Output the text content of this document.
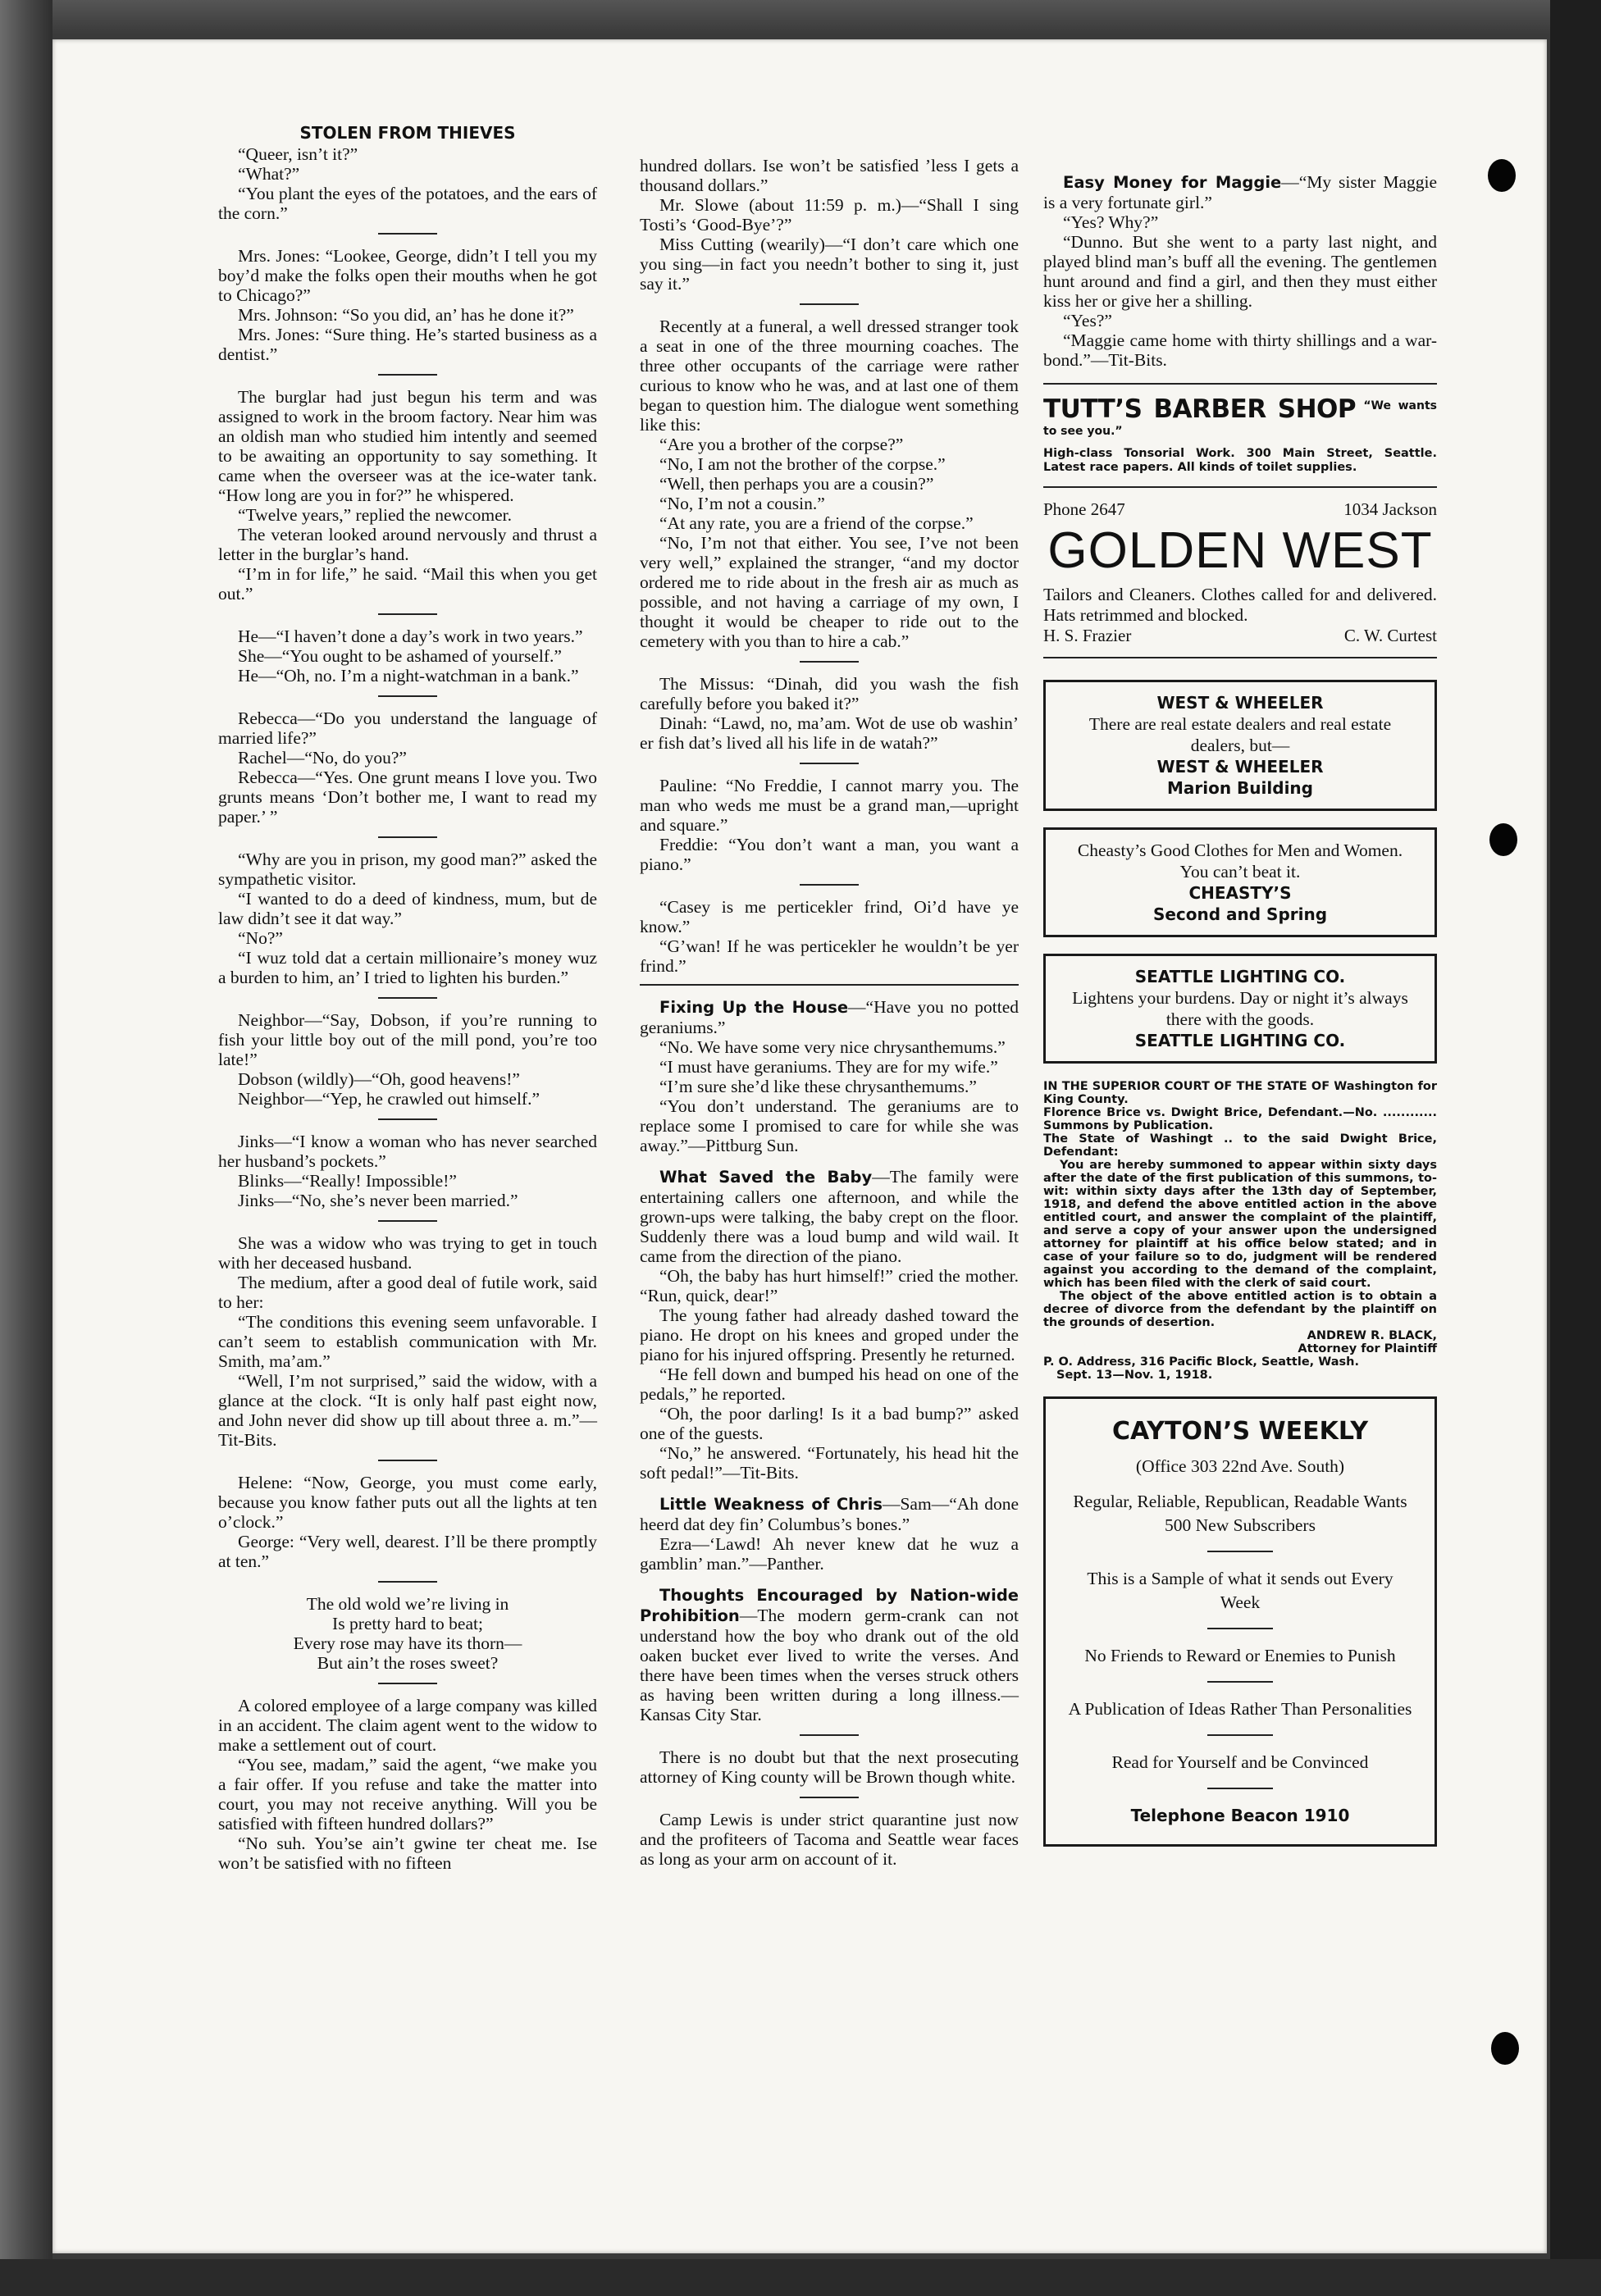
STOLEN FROM THIEVES

“Queer, isn’t it?”

“What?”

“You plant the eyes of the potatoes, and the ears of the corn.”

Mrs. Jones: “Lookee, George, didn’t I tell you my boy’d make the folks open their mouths when he got to Chicago?”

Mrs. Johnson: “So you did, an’ has he done it?”

Mrs. Jones: “Sure thing. He’s started business as a dentist.”

The burglar had just begun his term and was assigned to work in the broom factory. Near him was an oldish man who studied him intently and seemed to be awaiting an opportunity to say something. It came when the overseer was at the ice-water tank. “How long are you in for?” he whispered.

“Twelve years,” replied the newcomer.

The veteran looked around nervously and thrust a letter in the burglar’s hand.

“I’m in for life,” he said. “Mail this when you get out.”

He—“I haven’t done a day’s work in two years.”

She—“You ought to be ashamed of yourself.”

He—“Oh, no. I’m a night-watchman in a bank.”

Rebecca—“Do you understand the language of married life?”

Rachel—“No, do you?”

Rebecca—“Yes. One grunt means I love you. Two grunts means ‘Don’t bother me, I want to read my paper.’ ”

“Why are you in prison, my good man?” asked the sympathetic visitor.

“I wanted to do a deed of kindness, mum, but de law didn’t see it dat way.”

“No?”

“I wuz told dat a certain millionaire’s money wuz a burden to him, an’ I tried to lighten his burden.”

Neighbor—“Say, Dobson, if you’re running to fish your little boy out of the mill pond, you’re too late!”

Dobson (wildly)—“Oh, good heavens!”

Neighbor—“Yep, he crawled out himself.”

Jinks—“I know a woman who has never searched her husband’s pockets.”

Blinks—“Really! Impossible!”

Jinks—“No, she’s never been married.”

She was a widow who was trying to get in touch with her deceased husband.

The medium, after a good deal of futile work, said to her:

“The conditions this evening seem unfavorable. I can’t seem to establish communication with Mr. Smith, ma’am.”

“Well, I’m not surprised,” said the widow, with a glance at the clock. “It is only half past eight now, and John never did show up till about three a. m.”—Tit-Bits.

Helene: “Now, George, you must come early, because you know father puts out all the lights at ten o’clock.”

George: “Very well, dearest. I’ll be there promptly at ten.”

The old wold we’re living in
Is pretty hard to beat;
Every rose may have its thorn—
But ain’t the roses sweet?

A colored employee of a large company was killed in an accident. The claim agent went to the widow to make a settlement out of court.

“You see, madam,” said the agent, “we make you a fair offer. If you refuse and take the matter into court, you may not receive anything. Will you be satisfied with fifteen hundred dollars?”

“No suh. You’se ain’t gwine ter cheat me. Ise won’t be satisfied with no fifteen

hundred dollars. Ise won’t be satisfied ’less I gets a thousand dollars.”

Mr. Slowe (about 11:59 p. m.)—“Shall I sing Tosti’s ‘Good-Bye’?”

Miss Cutting (wearily)—“I don’t care which one you sing—in fact you needn’t bother to sing it, just say it.”

Recently at a funeral, a well dressed stranger took a seat in one of the three mourning coaches. The three other occupants of the carriage were rather curious to know who he was, and at last one of them began to question him. The dialogue went something like this:

“Are you a brother of the corpse?”

“No, I am not the brother of the corpse.”

“Well, then perhaps you are a cousin?”

“No, I’m not a cousin.”

“At any rate, you are a friend of the corpse.”

“No, I’m not that either. You see, I’ve not been very well,” explained the stranger, “and my doctor ordered me to ride about in the fresh air as much as possible, and not having a carriage of my own, I thought it would be cheaper to ride out to the cemetery with you than to hire a cab.”

The Missus: “Dinah, did you wash the fish carefully before you baked it?”

Dinah: “Lawd, no, ma’am. Wot de use ob washin’ er fish dat’s lived all his life in de watah?”

Pauline: “No Freddie, I cannot marry you. The man who weds me must be a grand man,—upright and square.”

Freddie: “You don’t want a man, you want a piano.”

“Casey is me perticekler frind, Oi’d have ye know.”

“G’wan! If he was perticekler he wouldn’t be yer frind.”

Fixing Up the House—“Have you no potted geraniums.”

“No. We have some very nice chrysanthemums.”

“I must have geraniums. They are for my wife.”

“I’m sure she’d like these chrysanthemums.”

“You don’t understand. The geraniums are to replace some I promised to care for while she was away.”—Pittburg Sun.

What Saved the Baby—The family were entertaining callers one afternoon, and while the grown-ups were talking, the baby crept on the floor. Suddenly there was a loud bump and wild wail. It came from the direction of the piano.

“Oh, the baby has hurt himself!” cried the mother. “Run, quick, dear!”

The young father had already dashed toward the piano. He dropt on his knees and groped under the piano for his injured offspring. Presently he returned.

“He fell down and bumped his head on one of the pedals,” he reported.

“Oh, the poor darling! Is it a bad bump?” asked one of the guests.

“No,” he answered. “Fortunately, his head hit the soft pedal!”—Tit-Bits.

Little Weakness of Chris—Sam—“Ah done heerd dat dey fin’ Columbus’s bones.”

Ezra—‘Lawd! Ah never knew dat he wuz a gamblin’ man.”—Panther.

Thoughts Encouraged by Nation-wide Prohibition—The modern germ-crank can not understand how the boy who drank out of the old oaken bucket ever lived to write the verses. And there have been times when the verses struck others as having been written during a long illness.—Kansas City Star.

There is no doubt but that the next prosecuting attorney of King county will be Brown though white.

Camp Lewis is under strict quarantine just now and the profiteers of Tacoma and Seattle wear faces as long as your arm on account of it.

Easy Money for Maggie—“My sister Maggie is a very fortunate girl.”

“Yes? Why?”

“Dunno. But she went to a party last night, and played blind man’s buff all the evening. The gentlemen hunt around and find a girl, and then they must either kiss her or give her a shilling.

“Yes?”

“Maggie came home with thirty shillings and a war-bond.”—Tit-Bits.

TUTT’S BARBER SHOP $^{“We wants to see you.”}$
High-class Tonsorial Work. 300 Main Street, Seattle. Latest race papers. All kinds of toilet supplies.
Phone 2647	1034 Jackson
GOLDEN WEST
Tailors and Cleaners. Clothes called for and delivered. Hats retrimmed and blocked.
H. S. Frazier	C. W. Curtest
WEST & WHEELER
There are real estate dealers and real estate dealers, but—
WEST & WHEELER
Marion Building
Cheasty’s Good Clothes for Men and Women. You can’t beat it.
CHEASTY’S
Second and Spring
SEATTLE LIGHTING CO.
Lightens your burdens. Day or night it’s always there with the goods.
SEATTLE LIGHTING CO.

IN THE SUPERIOR COURT OF THE STATE OF Washington for King County.

Florence Brice vs. Dwight Brice, Defendant.—No. ............ Summons by Publication.

The State of Washingt .. to the said Dwight Brice, Defendant:

You are hereby summoned to appear within sixty days after the date of the first publication of this summons, to-wit: within sixty days after the 13th day of September, 1918, and defend the above entitled action in the above entitled court, and answer the complaint of the plaintiff, and serve a copy of your answer upon the undersigned attorney for plaintiff at his office below stated; and in case of your failure so to do, judgment will be rendered against you according to the demand of the complaint, which has been filed with the clerk of said court.

The object of the above entitled action is to obtain a decree of divorce from the defendant by the plaintiff on the grounds of desertion.

ANDREW R. BLACK,
Attorney for Plaintiff
P. O. Address, 316 Pacific Block, Seattle, Wash.
Sept. 13—Nov. 1, 1918.
CAYTON’S WEEKLY
(Office 303 22nd Ave. South)
Regular, Reliable, Republican, Readable Wants 500 New Subscribers
This is a Sample of what it sends out Every Week
No Friends to Reward or Enemies to Punish
A Publication of Ideas Rather Than Personalities
Read for Yourself and be Convinced
Telephone Beacon 1910
